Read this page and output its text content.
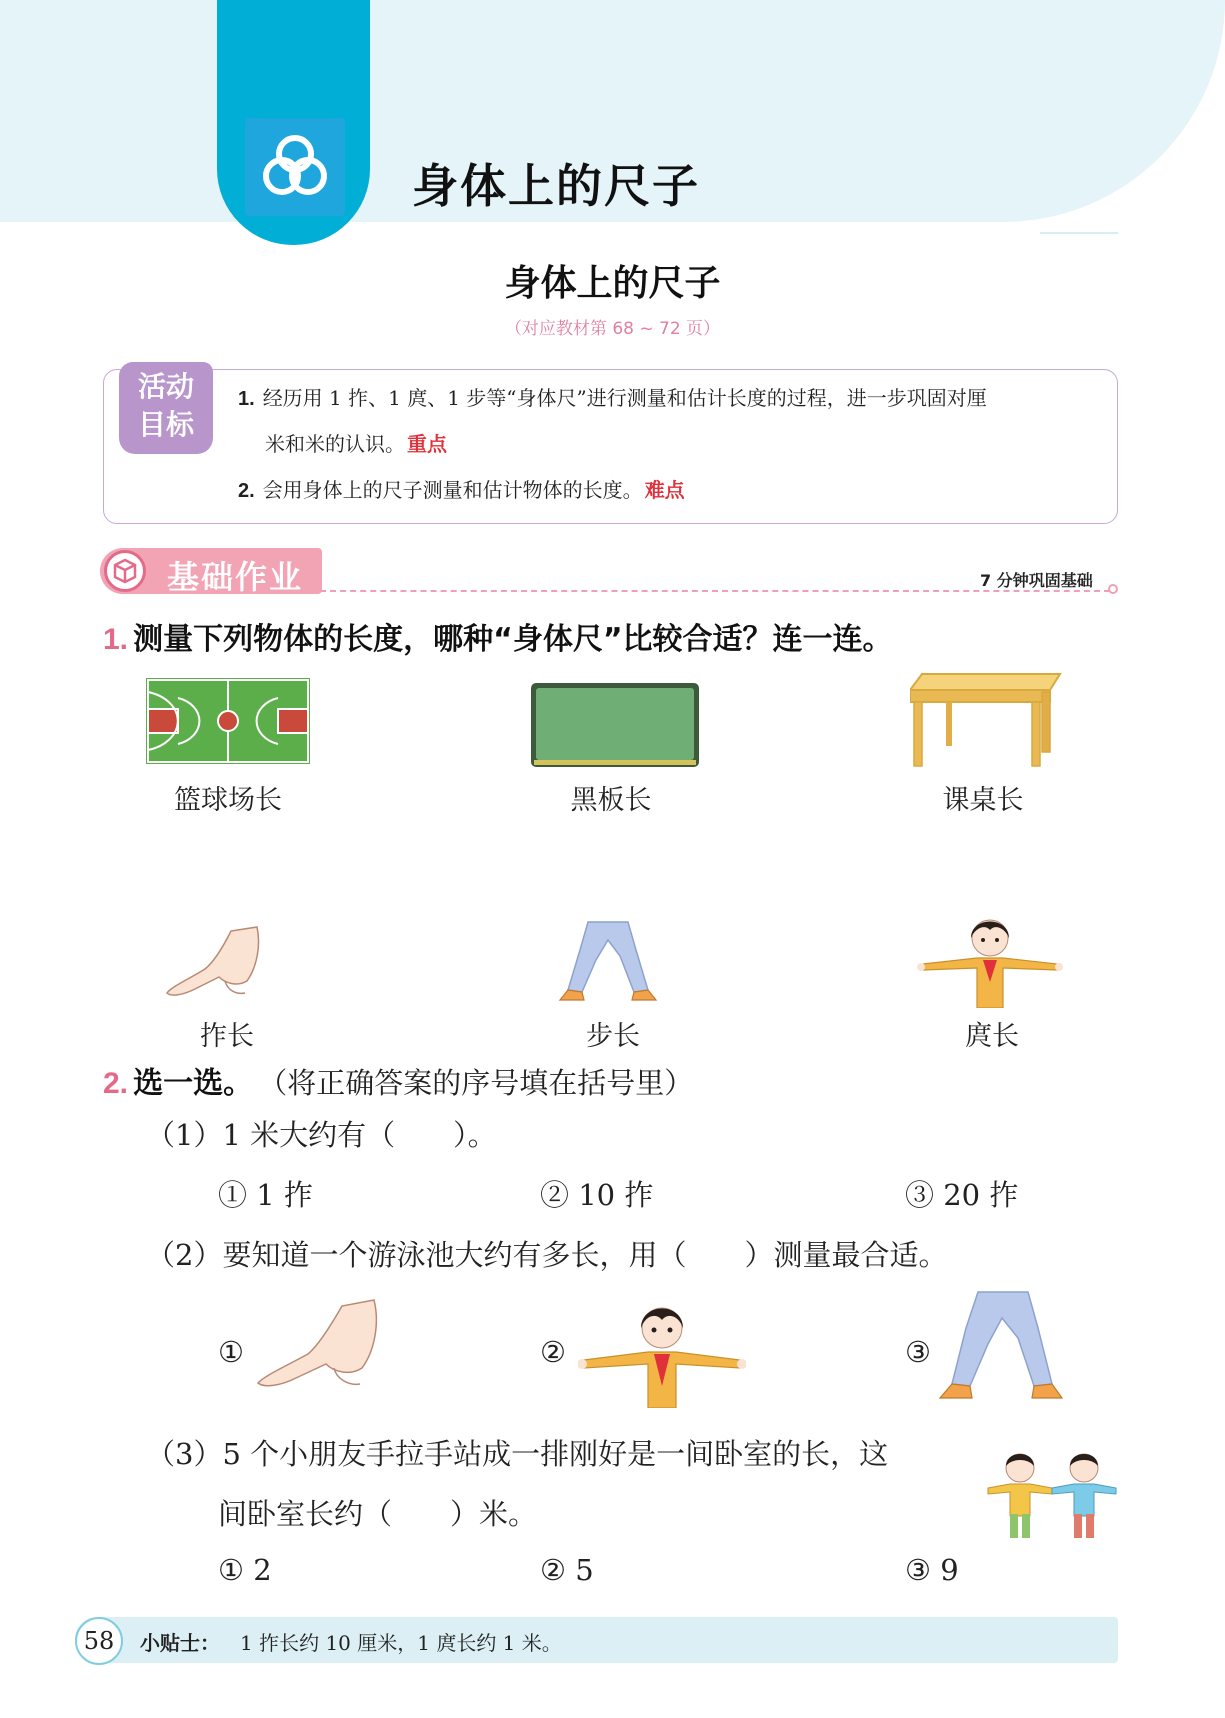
身体上的尺子
身体上的尺子
（对应教材第 68 ~ 72 页）
活动
目标
1. 经历用 1 拃、1 庹、1 步等“身体尺”进行测量和估计长度的过程，进一步巩固对厘
米和米的认识。 重点
2. 会用身体上的尺子测量和估计物体的长度。 难点
基础作业	7 分钟巩固基础
1. 测量下列物体的长度，哪种“身体尺”比较合适？连一连。
篮球场长	黑板长	课桌长
拃长	步长	庹长
2. 选一选。 （将正确答案的序号填在括号里）
（1）1 米大约有（　　）。
① 1 拃	② 10 拃	③ 20 拃
（2）要知道一个游泳池大约有多长，用（　　）测量最合适。
①	②	③
（3）5 个小朋友手拉手站成一排刚好是一间卧室的长，这
间卧室长约（　　）米。
① 2	② 5	③ 9
58	小贴士： 1 拃长约 10 厘米，1 庹长约 1 米。
